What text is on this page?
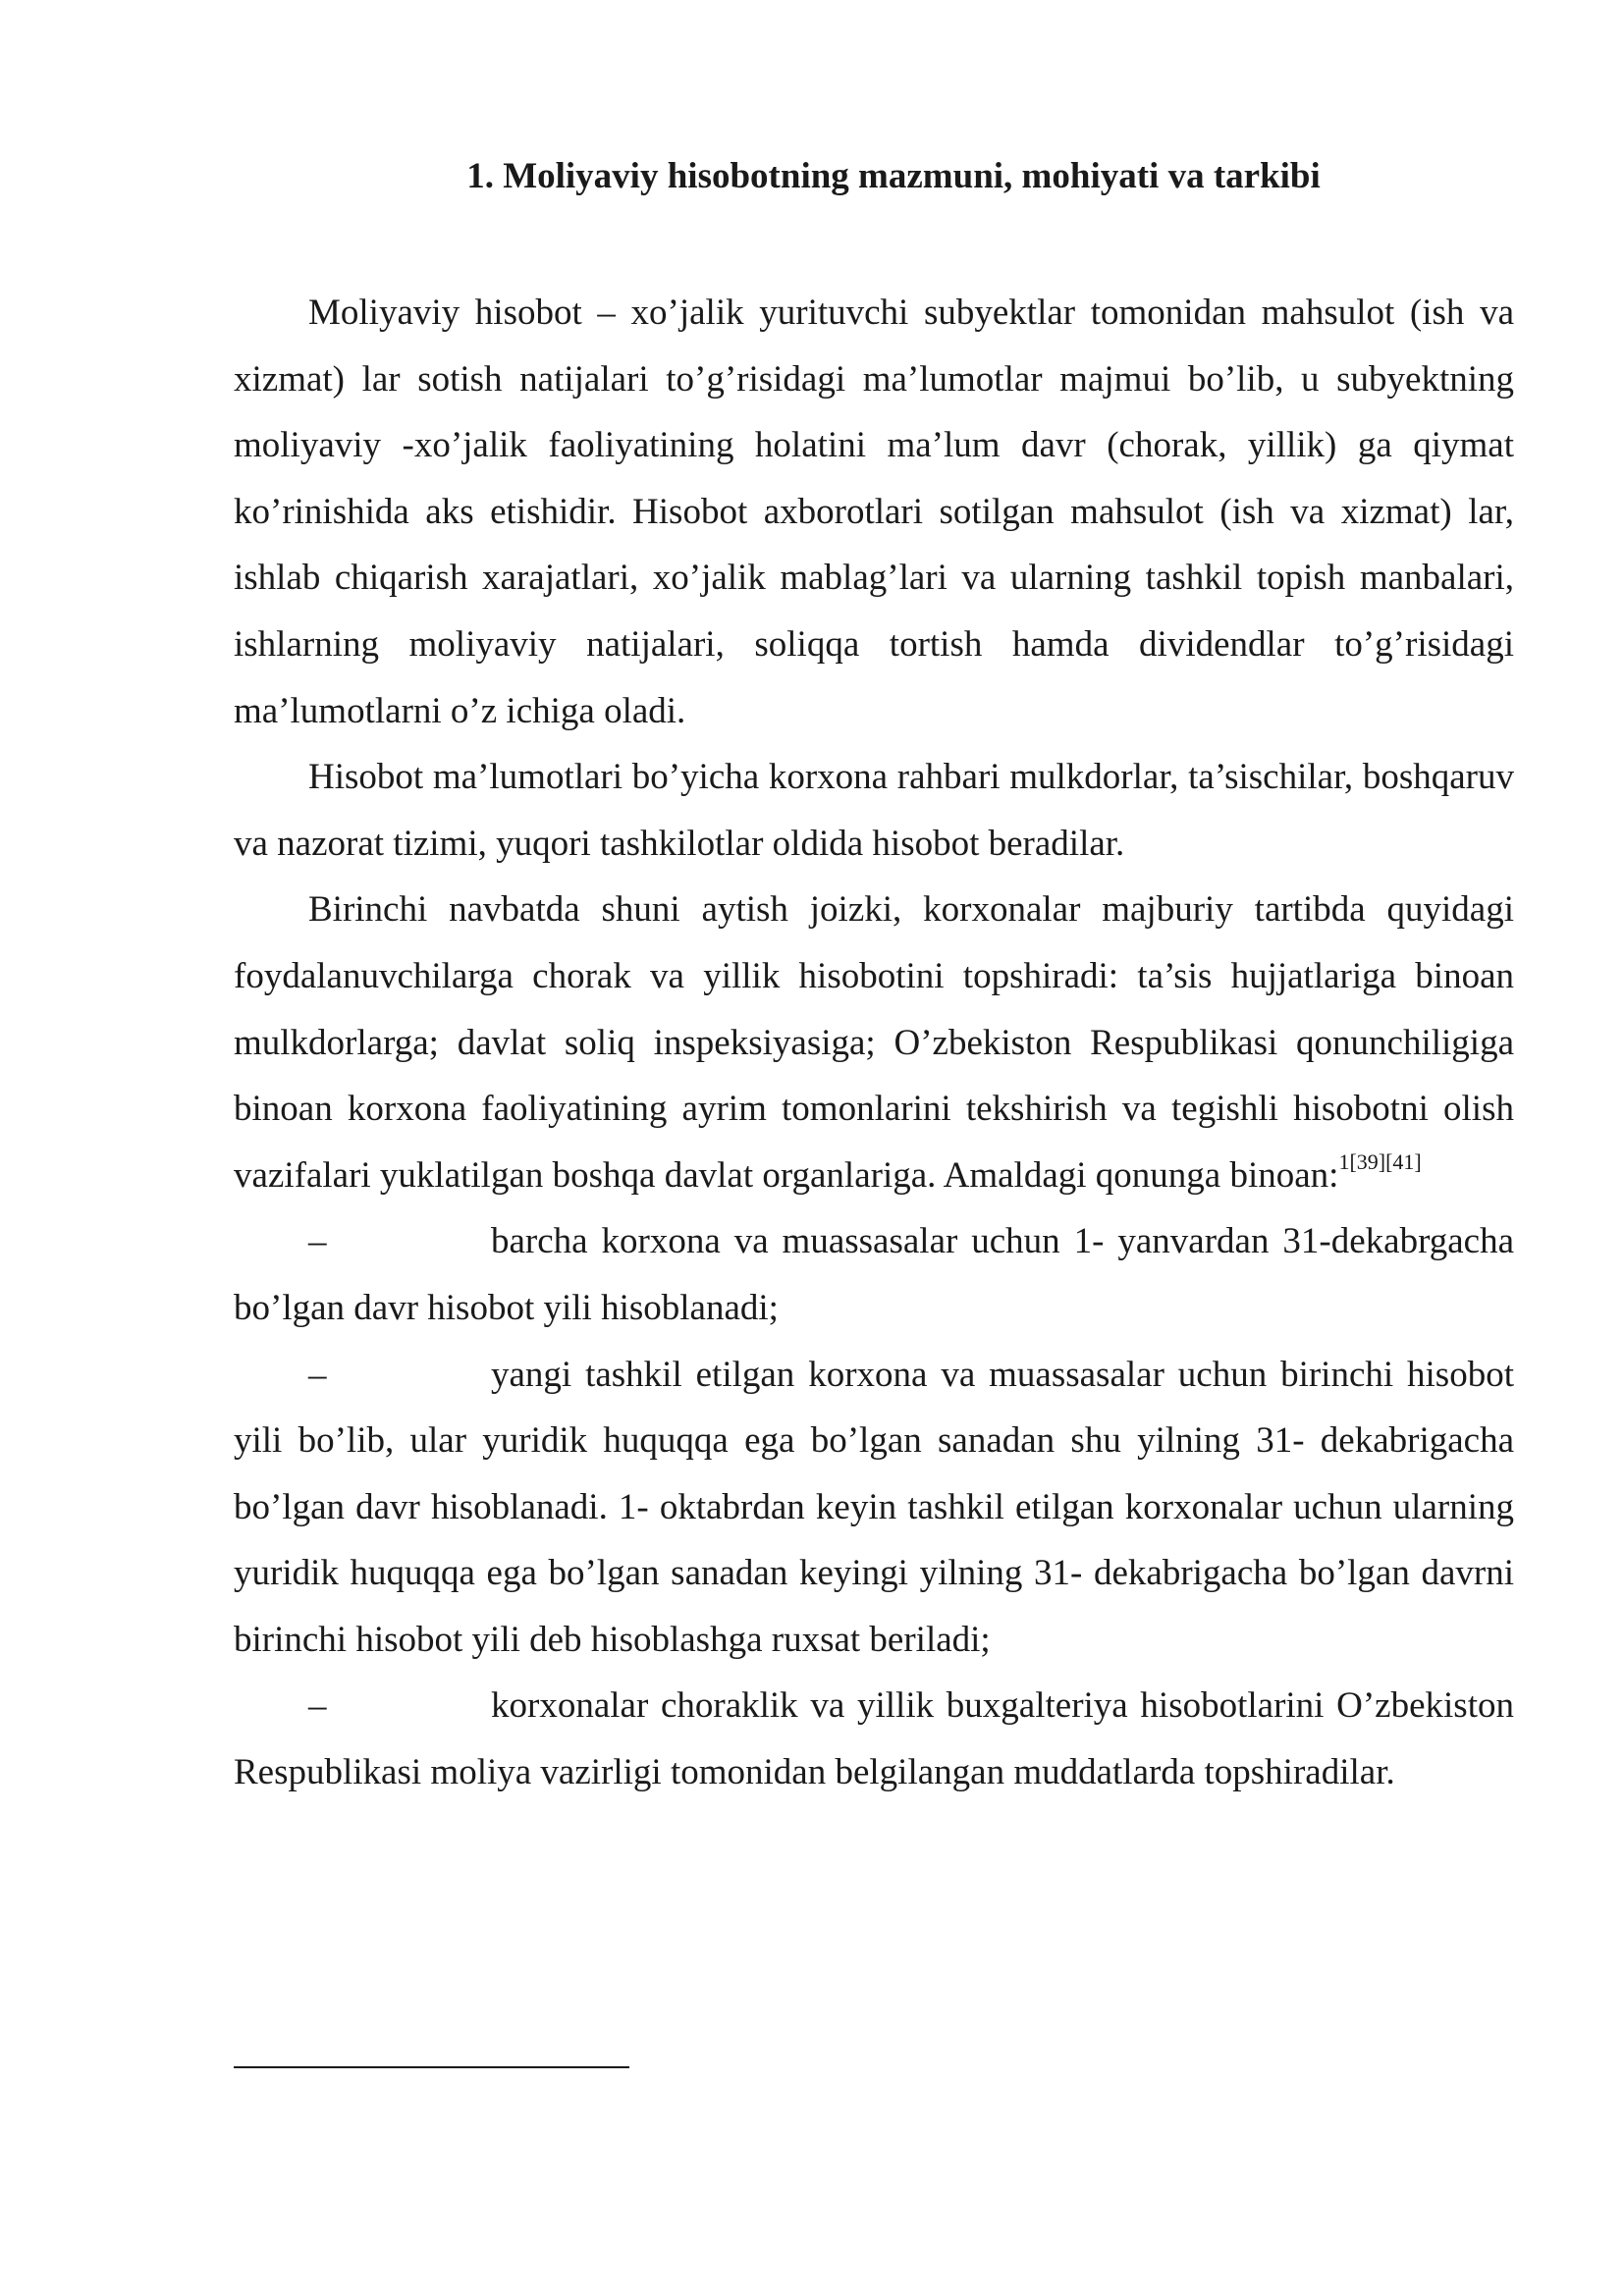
1. Moliyaviy hisobotning mazmuni, mohiyati va tarkibi

Moliyaviy hisobot – xo’jalik yurituvchi subyektlar tomonidan mahsulot (ish va xizmat) lar sotish natijalari to’g’risidagi ma’lumotlar majmui bo’lib, u subyektning moliyaviy -xo’jalik faoliyatining holatini ma’lum davr (chorak, yillik) ga qiymat ko’rinishida aks etishidir. Hisobot axborotlari sotilgan mahsulot (ish va xizmat) lar, ishlab chiqarish xarajatlari, xo’jalik mablag’lari va ularning tashkil topish manbalari, ishlarning moliyaviy natijalari, soliqqa tortish hamda dividendlar to’g’risidagi ma’lumotlarni o’z ichiga oladi.

Hisobot ma’lumotlari bo’yicha korxona rahbari mulkdorlar, ta’sischilar, boshqaruv va nazorat tizimi, yuqori tashkilotlar oldida hisobot beradilar.

Birinchi navbatda shuni aytish joizki, korxonalar majburiy tartibda quyidagi foydalanuvchilarga chorak va yillik hisobotini topshiradi: ta’sis hujjatlariga binoan mulkdorlarga; davlat soliq inspeksiyasiga; O’zbekiston Respublikasi qonunchiligiga binoan korxona faoliyatining ayrim tomonlarini tekshirish va tegishli hisobotni olish vazifalari yuklatilgan boshqa davlat organlariga. Amaldagi qonunga binoan:$^{1[39][41]}$

–	barcha korxona va muassasalar uchun 1- yanvardan 31-dekabrgacha bo’lgan davr hisobot yili hisoblanadi;

–	yangi tashkil etilgan korxona va muassasalar uchun birinchi hisobot yili bo’lib, ular yuridik huquqqa ega bo’lgan sanadan shu yilning 31- dekabrigacha bo’lgan davr hisoblanadi. 1- oktabrdan keyin tashkil etilgan korxonalar uchun ularning yuridik huquqqa ega bo’lgan sanadan keyingi yilning 31- dekabrigacha bo’lgan davrni birinchi hisobot yili deb hisoblashga ruxsat beriladi;

–	korxonalar choraklik va yillik buxgalteriya hisobotlarini O’zbekiston Respublikasi moliya vazirligi tomonidan belgilangan muddatlarda topshiradilar.
